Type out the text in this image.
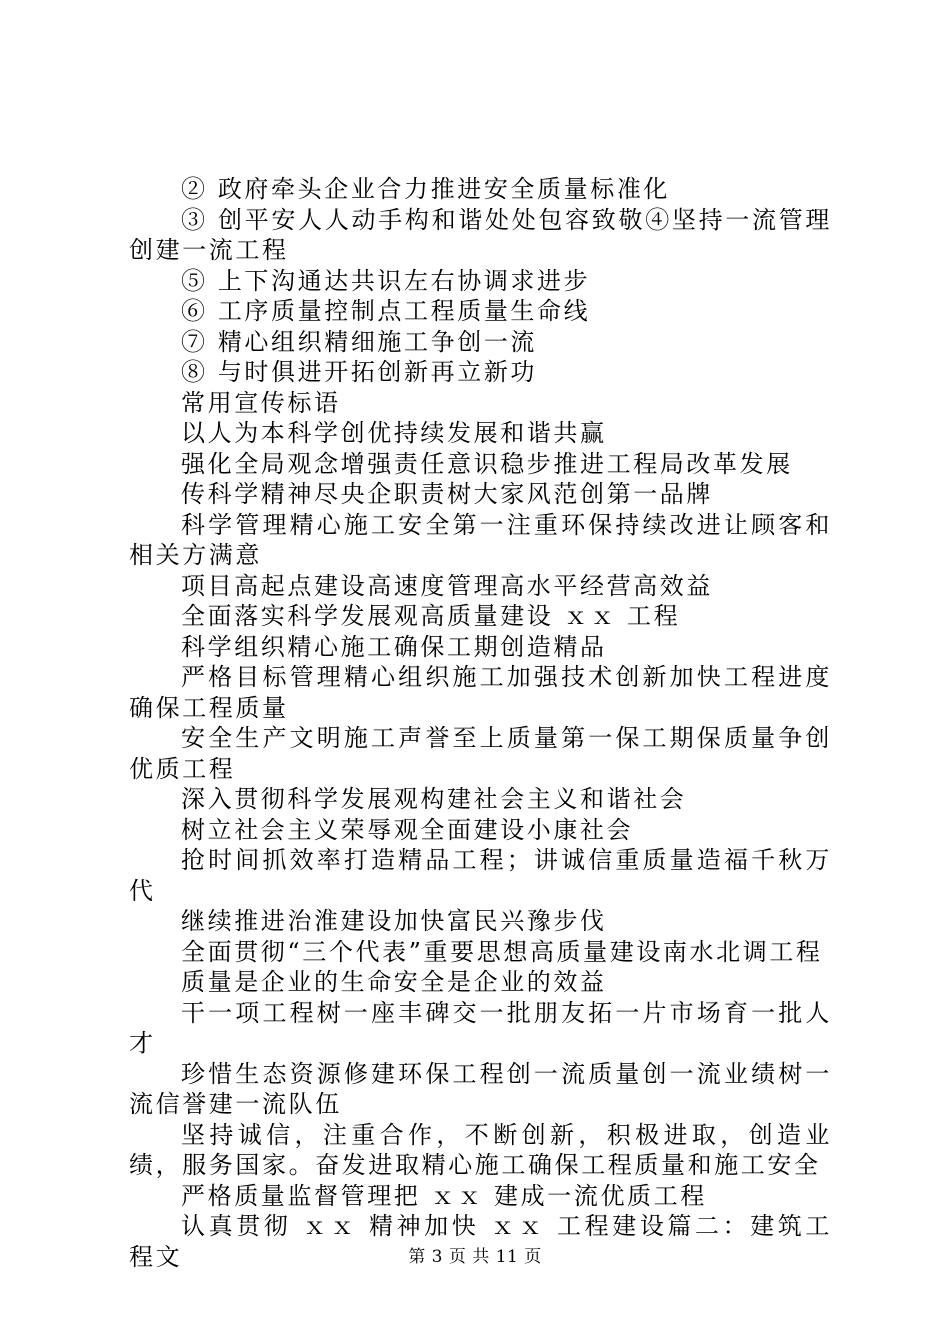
② 政府牵头企业合力推进安全质量标准化

③ 创平安人人动手构和谐处处包容致敬④坚持一流管理创建一流工程

⑤ 上下沟通达共识左右协调求进步

⑥ 工序质量控制点工程质量生命线

⑦ 精心组织精细施工争创一流

⑧ 与时俱进开拓创新再立新功

常用宣传标语

以人为本科学创优持续发展和谐共赢

强化全局观念增强责任意识稳步推进工程局改革发展

传科学精神尽央企职责树大家风范创第一品牌

科学管理精心施工安全第一注重环保持续改进让顾客和相关方满意

项目高起点建设高速度管理高水平经营高效益

全面落实科学发展观高质量建设 ｘｘ 工程

科学组织精心施工确保工期创造精品

严格目标管理精心组织施工加强技术创新加快工程进度确保工程质量

安全生产文明施工声誉至上质量第一保工期保质量争创优质工程

深入贯彻科学发展观构建社会主义和谐社会

树立社会主义荣辱观全面建设小康社会

抢时间抓效率打造精品工程；讲诚信重质量造福千秋万代

继续推进治淮建设加快富民兴豫步伐

全面贯彻“三个代表”重要思想高质量建设南水北调工程

质量是企业的生命安全是企业的效益

干一项工程树一座丰碑交一批朋友拓一片市场育一批人才

珍惜生态资源修建环保工程创一流质量创一流业绩树一流信誉建一流队伍

坚持诚信，注重合作，不断创新，积极进取，创造业绩，服务国家。奋发进取精心施工确保工程质量和施工安全

严格质量监督管理把 ｘｘ 建成一流优质工程

认真贯彻 ｘｘ 精神加快 ｘｘ 工程建设篇二：建筑工程文	第 3 页 共 11 页
